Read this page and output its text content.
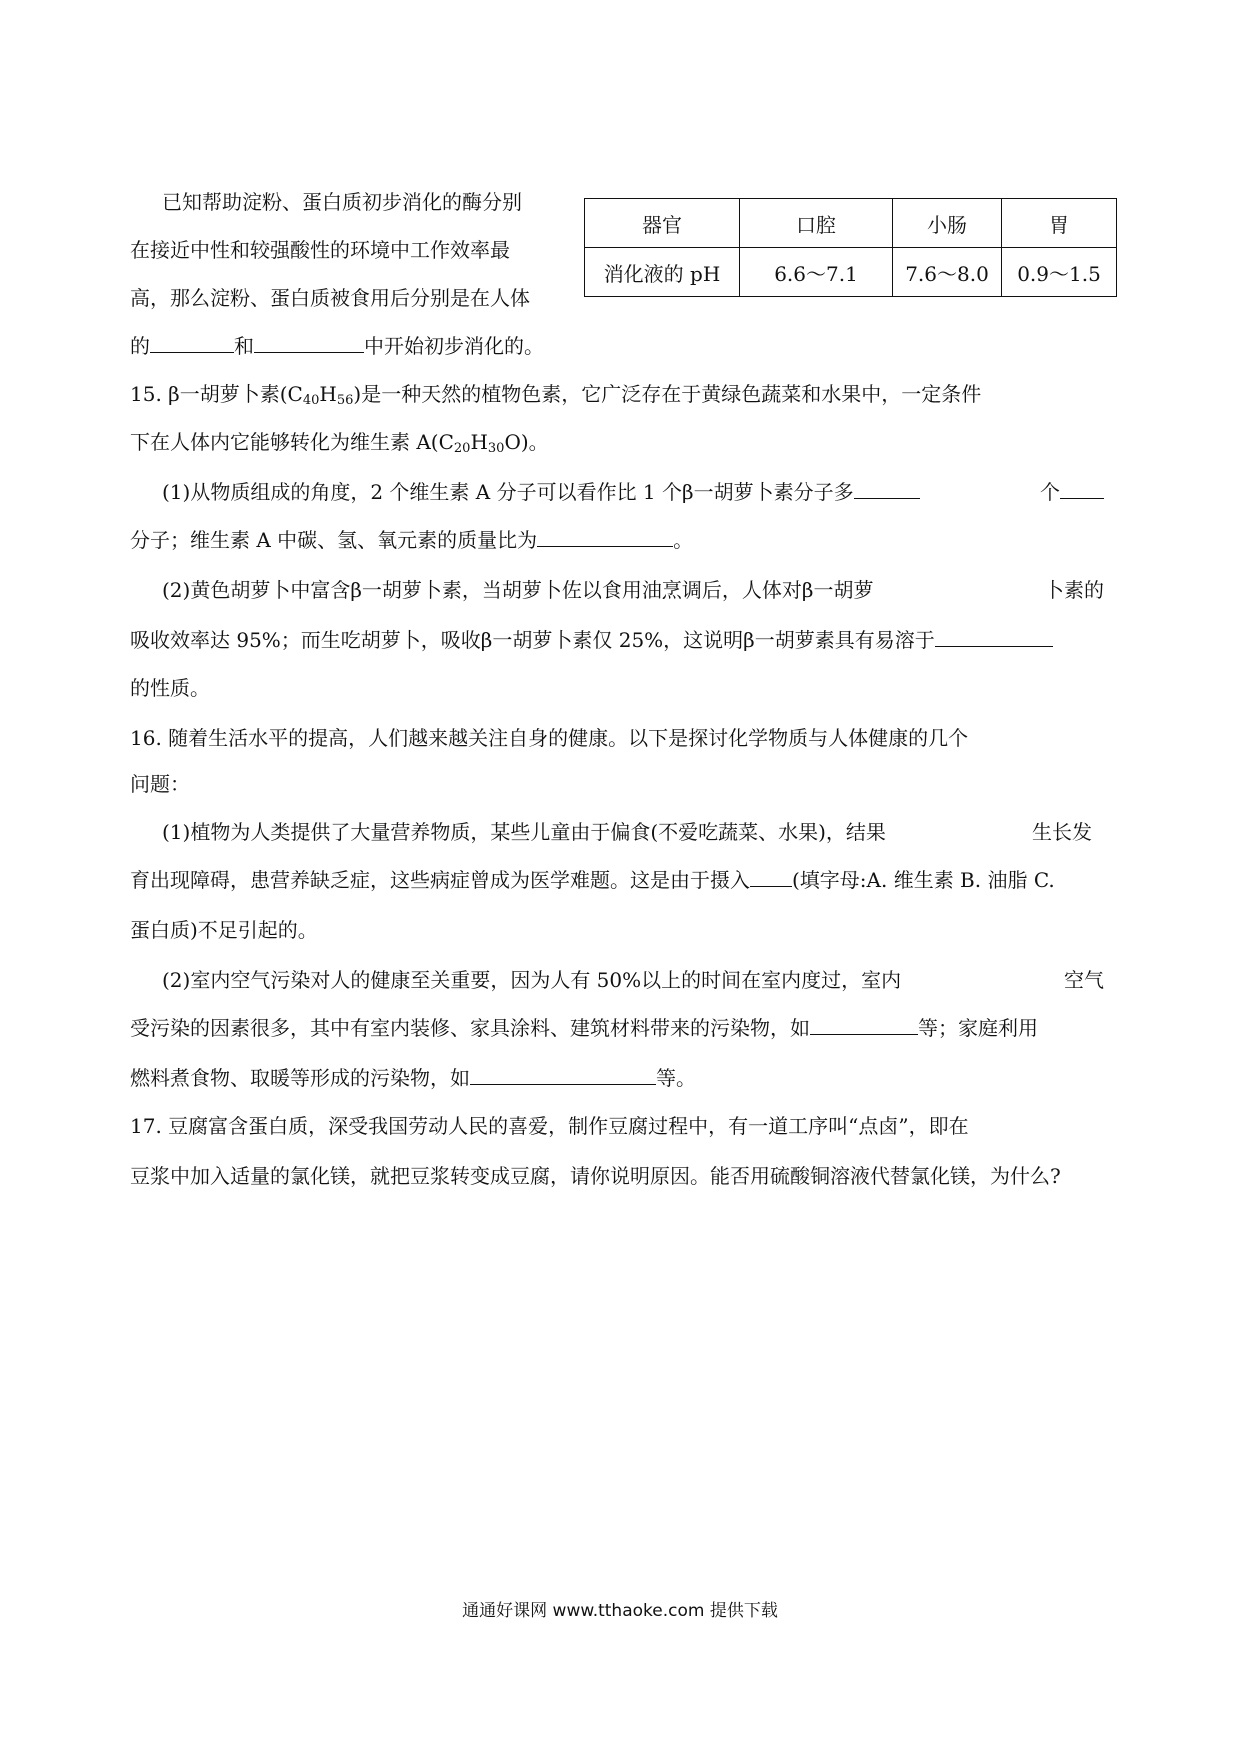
已知帮助淀粉、蛋白质初步消化的酶分别
在接近中性和较强酸性的环境中工作效率最
高，那么淀粉、蛋白质被食用后分别是在人体
的	和	中开始初步消化的。
器官	口腔	小肠	胃
消化液的 pH	6.6～7.1	7.6～8.0	0.9～1.5
15. β一胡萝卜素$(C_{40}H_{56})$是一种天然的植物色素，它广泛存在于黄绿色蔬菜和水果中，一定条件
下在人体内它能够转化为维生素 $A(C_{20}H_{30}O)$。
(1)从物质组成的角度，2 个维生素 A 分子可以看作比 1 个β一胡萝卜素分子多	个
分子；维生素 A 中碳、氢、氧元素的质量比为	。
(2)黄色胡萝卜中富含β一胡萝卜素，当胡萝卜佐以食用油烹调后，人体对β一胡萝	卜素的
吸收效率达 95%；而生吃胡萝卜，吸收β一胡萝卜素仅 25%，这说明β一胡萝素具有易溶于
的性质。
16. 随着生活水平的提高，人们越来越关注自身的健康。以下是探讨化学物质与人体健康的几个
问题：
(1)植物为人类提供了大量营养物质，某些儿童由于偏食(不爱吃蔬菜、水果)，结果	生长发
育出现障碍，患营养缺乏症，这些病症曾成为医学难题。这是由于摄入 (填字母:A. 维生素 B. 油脂 C.
蛋白质)不足引起的。
(2)室内空气污染对人的健康至关重要，因为人有 50%以上的时间在室内度过，室内	空气
受污染的因素很多，其中有室内装修、家具涂料、建筑材料带来的污染物，如	等；家庭利用
燃料煮食物、取暖等形成的污染物，如	等。
17. 豆腐富含蛋白质，深受我国劳动人民的喜爱，制作豆腐过程中，有一道工序叫“点卤”，即在
豆浆中加入适量的氯化镁，就把豆浆转变成豆腐，请你说明原因。能否用硫酸铜溶液代替氯化镁，为什么?
通通好课网 www.tthaoke.com 提供下载
